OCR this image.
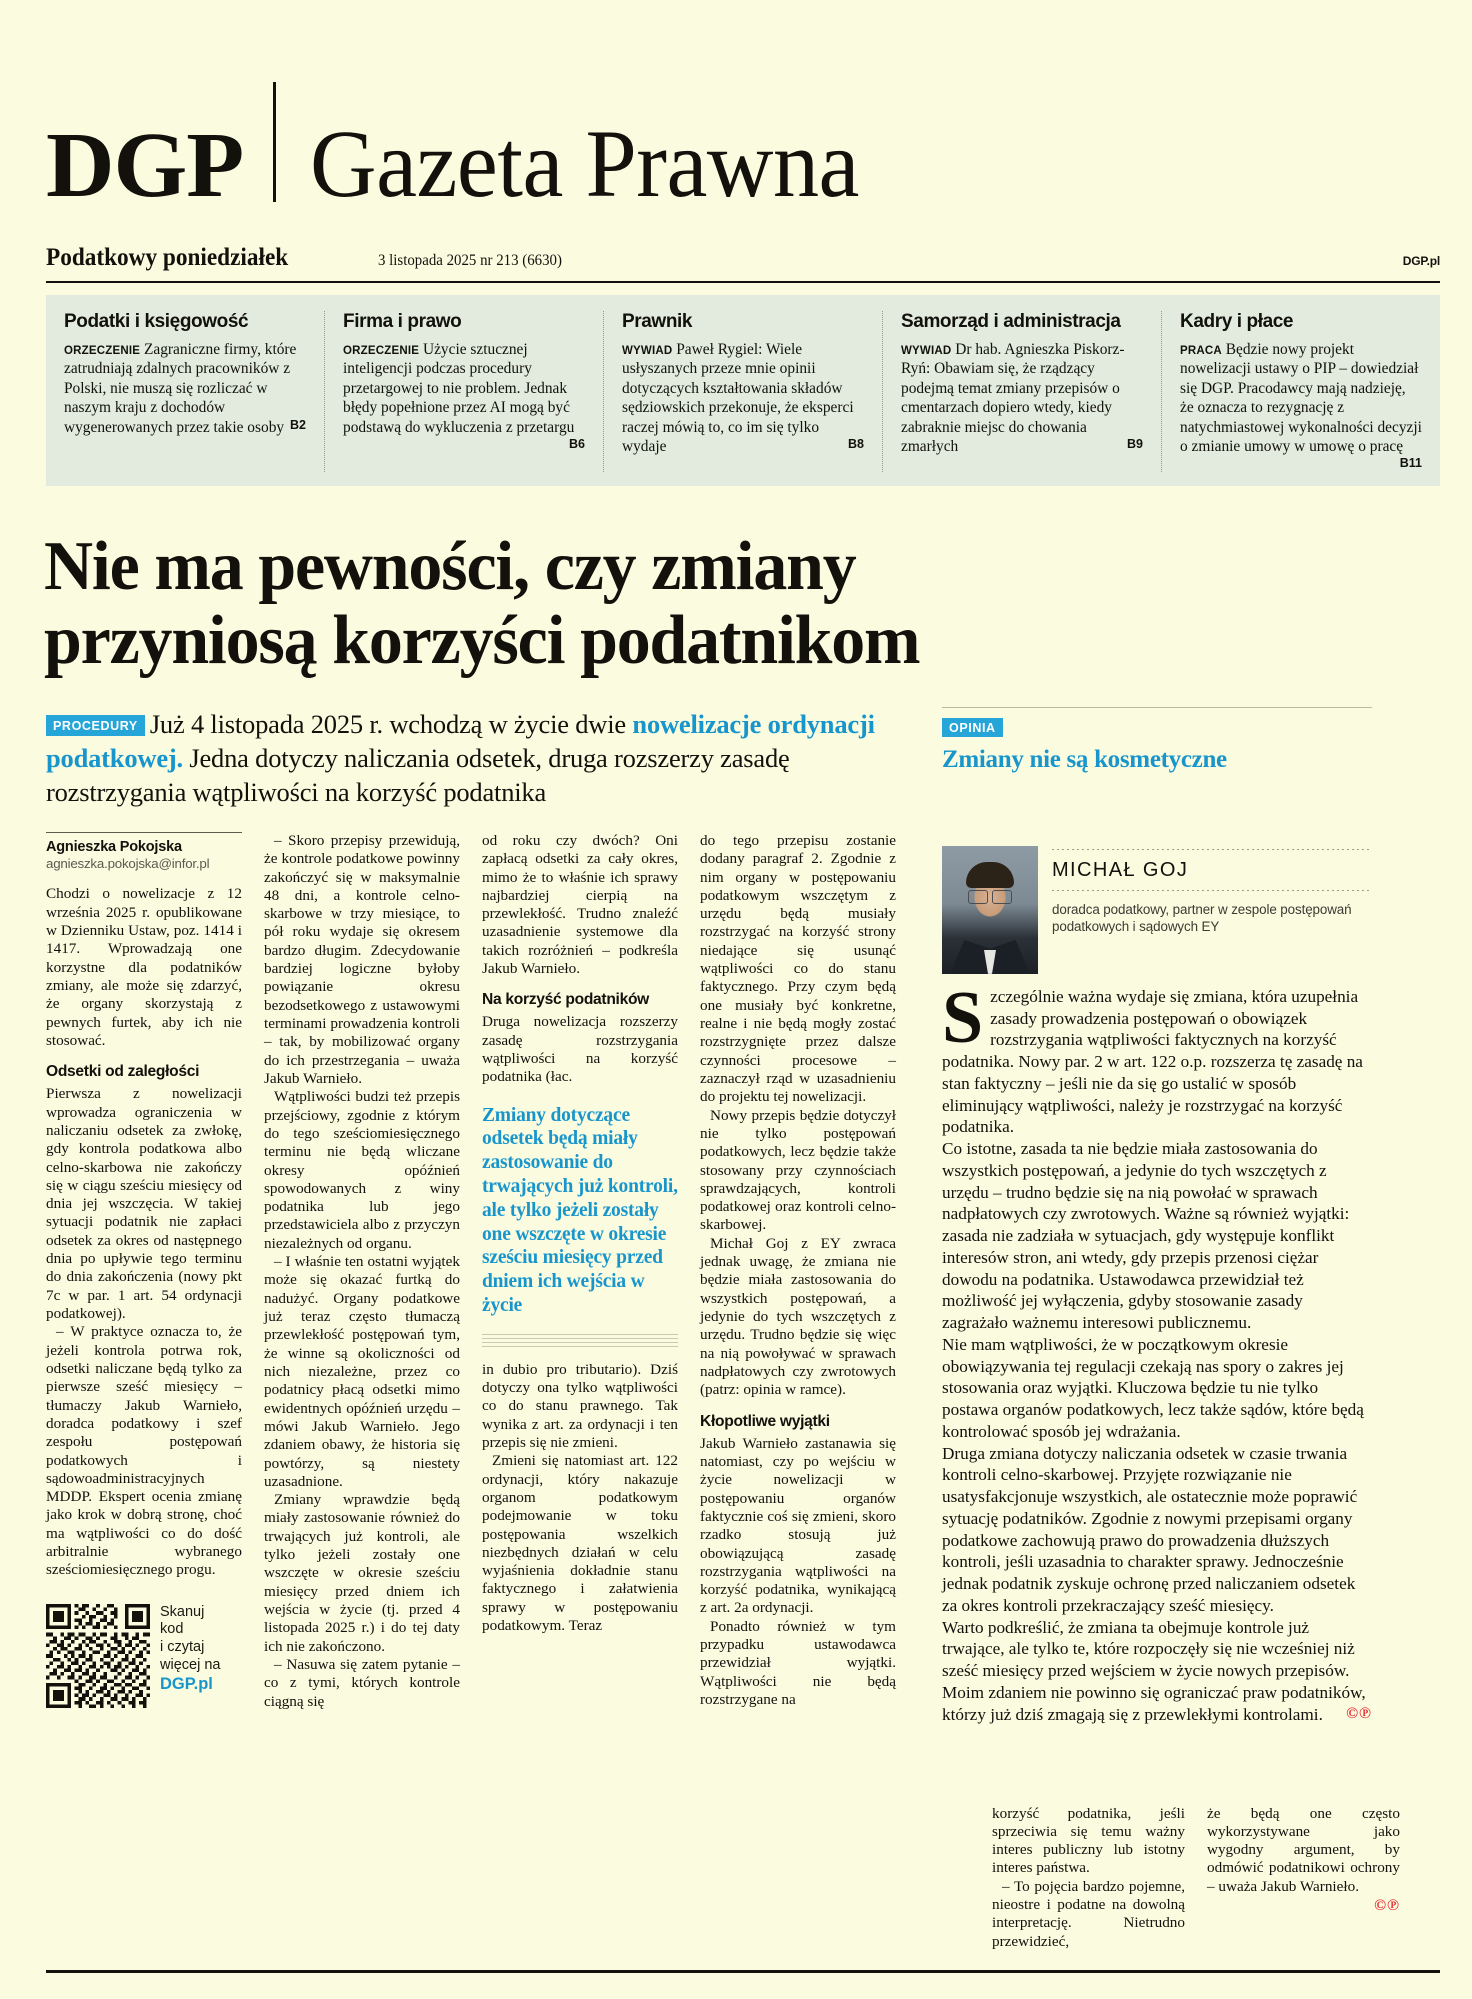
DGP Gazeta Prawna
Podatkowy poniedziałek	3 listopada 2025 nr 213 (6630)	DGP.pl
Podatki i księgowość

ORZECZENIE Zagraniczne firmy, które zatrudniają zdalnych pracowników z Polski, nie muszą się rozliczać w naszym kraju z dochodów wygenerowanych przez takie osoby B2

Firma i prawo

ORZECZENIE Użycie sztucznej inteligencji podczas procedury przetargowej to nie problem. Jednak błędy popełnione przez AI mogą być podstawą do wykluczenia z przetargu
B6

Prawnik

WYWIAD Paweł Rygiel: Wiele usłyszanych przeze mnie opinii dotyczących kształtowania składów sędziowskich przekonuje, że eksperci raczej mówią to, co im się tylko wydaje	B8

Samorząd i administracja

WYWIAD Dr hab. Agnieszka Piskorz-Ryń: Obawiam się, że rządzący podejmą temat zmiany przepisów o cmentarzach dopiero wtedy, kiedy zabraknie miejsc do chowania zmarłych	B9

Kadry i płace

PRACA Będzie nowy projekt nowelizacji ustawy o PIP – dowiedział się DGP. Pracodawcy mają nadzieję, że oznacza to rezygnację z natychmiastowej wykonalności decyzji o zmianie umowy w umowę o pracę
B11

Nie ma pewności, czy zmiany
przyniosą korzyści podatnikom
PROCEDURY Już 4 listopada 2025 r. wchodzą w życie dwie nowelizacje ordynacji podatkowej. Jedna dotyczy naliczania odsetek, druga rozszerzy zasadę rozstrzygania wątpliwości na korzyść podatnika
OPINIA
Zmiany nie są kosmetyczne
Agnieszka Pokojska
agnieszka.pokojska@infor.pl

Chodzi o nowelizacje z 12 września 2025 r. opublikowane w Dzienniku Ustaw, poz. 1414 i 1417. Wprowadzają one korzystne dla podatników zmiany, ale może się zdarzyć, że organy skorzystają z pewnych furtek, aby ich nie stosować.

Odsetki od zaległości

Pierwsza z nowelizacji wprowadza ograniczenia w naliczaniu odsetek za zwłokę, gdy kontrola podatkowa albo celno-skarbowa nie zakończy się w ciągu sześciu miesięcy od dnia jej wszczęcia. W takiej sytuacji podatnik nie zapłaci odsetek za okres od następnego dnia po upływie tego terminu do dnia zakończenia (nowy pkt 7c w par. 1 art. 54 ordynacji podatkowej).

– W praktyce oznacza to, że jeżeli kontrola potrwa rok, odsetki naliczane będą tylko za pierwsze sześć miesięcy – tłumaczy Jakub Warnieło, doradca podatkowy i szef zespołu postępowań podatkowych i sądowoadministracyjnych MDDP. Ekspert ocenia zmianę jako krok w dobrą stronę, choć ma wątpliwości co do dość arbitralnie wybranego sześciomiesięcznego progu.

Skanuj
kod
i czytaj
więcej na
DGP.pl

– Skoro przepisy przewidują, że kontrole podatkowe powinny zakończyć się w maksymalnie 48 dni, a kontrole celno-skarbowe w trzy miesiące, to pół roku wydaje się okresem bardzo długim. Zdecydowanie bardziej logiczne byłoby powiązanie okresu bezodsetkowego z ustawowymi terminami prowadzenia kontroli – tak, by mobilizować organy do ich przestrzegania – uważa Jakub Warnieło.

Wątpliwości budzi też przepis przejściowy, zgodnie z którym do tego sześciomiesięcznego terminu nie będą wliczane okresy opóźnień spowodowanych z winy podatnika lub jego przedstawiciela albo z przyczyn niezależnych od organu.

– I właśnie ten ostatni wyjątek może się okazać furtką do nadużyć. Organy podatkowe już teraz często tłumaczą przewlekłość postępowań tym, że winne są okoliczności od nich niezależne, przez co podatnicy płacą odsetki mimo ewidentnych opóźnień urzędu – mówi Jakub Warnieło. Jego zdaniem obawy, że historia się powtórzy, są niestety uzasadnione.

Zmiany wprawdzie będą miały zastosowanie również do trwających już kontroli, ale tylko jeżeli zostały one wszczęte w okresie sześciu miesięcy przed dniem ich wejścia w życie (tj. przed 4 listopada 2025 r.) i do tej daty ich nie zakończono.

– Nasuwa się zatem pytanie – co z tymi, których kontrole ciągną się

od roku czy dwóch? Oni zapłacą odsetki za cały okres, mimo że to właśnie ich sprawy najbardziej cierpią na przewlekłość. Trudno znaleźć uzasadnienie systemowe dla takich rozróżnień – podkreśla Jakub Warnieło.

Na korzyść podatników

Druga nowelizacja rozszerzy zasadę rozstrzygania wątpliwości na korzyść podatnika (łac.

Zmiany dotyczące odsetek będą miały zastosowanie do trwających już kontroli, ale tylko jeżeli zostały one wszczęte w okresie sześciu miesięcy przed dniem ich wejścia w życie

in dubio pro tributario). Dziś dotyczy ona tylko wątpliwości co do stanu prawnego. Tak wynika z art. za ordynacji i ten przepis się nie zmieni.

Zmieni się natomiast art. 122 ordynacji, który nakazuje organom podatkowym podejmowanie w toku postępowania wszelkich niezbędnych działań w celu wyjaśnienia dokładnie stanu faktycznego i załatwienia sprawy w postępowaniu podatkowym. Teraz

do tego przepisu zostanie dodany paragraf 2. Zgodnie z nim organy w postępowaniu podatkowym wszczętym z urzędu będą musiały rozstrzygać na korzyść strony niedające się usunąć wątpliwości co do stanu faktycznego. Przy czym będą one musiały być konkretne, realne i nie będą mogły zostać rozstrzygnięte przez dalsze czynności procesowe – zaznaczył rząd w uzasadnieniu do projektu tej nowelizacji.

Nowy przepis będzie dotyczył nie tylko postępowań podatkowych, lecz będzie także stosowany przy czynnościach sprawdzających, kontroli podatkowej oraz kontroli celno-skarbowej.

Michał Goj z EY zwraca jednak uwagę, że zmiana nie będzie miała zastosowania do wszystkich postępowań, a jedynie do tych wszczętych z urzędu. Trudno będzie się więc na nią powoływać w sprawach nadpłatowych czy zwrotowych (patrz: opinia w ramce).

Kłopotliwe wyjątki

Jakub Warnieło zastanawia się natomiast, czy po wejściu w życie nowelizacji w postępowaniu organów faktycznie coś się zmieni, skoro rzadko stosują już obowiązującą zasadę rozstrzygania wątpliwości na korzyść podatnika, wynikającą z art. 2a ordynacji.

Ponadto również w tym przypadku ustawodawca przewidział wyjątki. Wątpliwości nie będą rozstrzygane na

MICHAŁ GOJ
doradca podatkowy, partner w zespole postępowań podatkowych i sądowych EY

Szczególnie ważna wydaje się zmiana, która uzupełnia zasady prowadzenia postępowań o obowiązek rozstrzygania wątpliwości faktycznych na korzyść podatnika. Nowy par. 2 w art. 122 o.p. rozszerza tę zasadę na stan faktyczny – jeśli nie da się go ustalić w sposób eliminujący wątpliwości, należy je rozstrzygać na korzyść podatnika.

Co istotne, zasada ta nie będzie miała zastosowania do wszystkich postępowań, a jedynie do tych wszczętych z urzędu – trudno będzie się na nią powołać w sprawach nadpłatowych czy zwrotowych. Ważne są również wyjątki: zasada nie zadziała w sytuacjach, gdy występuje konflikt interesów stron, ani wtedy, gdy przepis przenosi ciężar dowodu na podatnika. Ustawodawca przewidział też możliwość jej wyłączenia, gdyby stosowanie zasady zagrażało ważnemu interesowi publicznemu.

Nie mam wątpliwości, że w początkowym okresie obowiązywania tej regulacji czekają nas spory o zakres jej stosowania oraz wyjątki. Kluczowa będzie tu nie tylko postawa organów podatkowych, lecz także sądów, które będą kontrolować sposób jej wdrażania.

Druga zmiana dotyczy naliczania odsetek w czasie trwania kontroli celno-skarbowej. Przyjęte rozwiązanie nie usatysfakcjonuje wszystkich, ale ostatecznie może poprawić sytuację podatników. Zgodnie z nowymi przepisami organy podatkowe zachowują prawo do prowadzenia dłuższych kontroli, jeśli uzasadnia to charakter sprawy. Jednocześnie jednak podatnik zyskuje ochronę przed naliczaniem odsetek za okres kontroli przekraczający sześć miesięcy.

Warto podkreślić, że zmiana ta obejmuje kontrole już trwające, ale tylko te, które rozpoczęły się nie wcześniej niż sześć miesięcy przed wejściem w życie nowych przepisów. Moim zdaniem nie powinno się ograniczać praw podatników, którzy już dziś zmagają się z przewlekłymi kontrolami. ©℗

korzyść podatnika, jeśli sprzeciwia się temu ważny interes publiczny lub istotny interes państwa.

– To pojęcia bardzo pojemne, nieostre i podatne na dowolną interpretację. Nietrudno przewidzieć,

że będą one często wykorzystywane jako wygodny argument, by odmówić podatnikowi ochrony – uważa Jakub Warnieło.

©℗
